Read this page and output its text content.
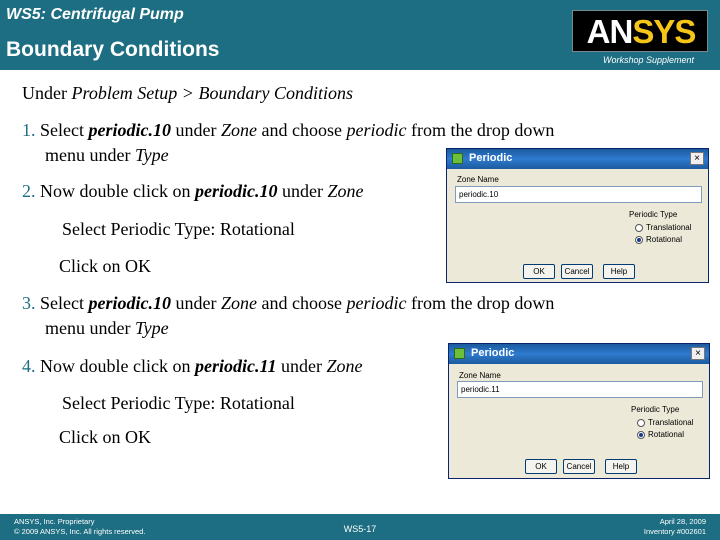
WS5: Centrifugal Pump
Boundary Conditions	ANSYS
Workshop Supplement
Under Problem Setup > Boundary Conditions
1. Select periodic.10 under Zone and choose periodic from the drop down
menu under Type
2. Now double click on periodic.10 under Zone
Select Periodic Type: Rotational
Click on OK
3. Select periodic.10 under Zone and choose periodic from the drop down
menu under Type
4. Now double click on periodic.11 under Zone
Select Periodic Type: Rotational
Click on OK
Periodic	×
Zone Name
periodic.10
Periodic Type
Translational
Rotational
OK	Cancel	Help
Periodic	×
Zone Name
periodic.11
Periodic Type
Translational
Rotational
OK	Cancel	Help
ANSYS, Inc. Proprietary
© 2009 ANSYS, Inc. All rights reserved.	WS5-17
April 28, 2009
Inventory #002601
